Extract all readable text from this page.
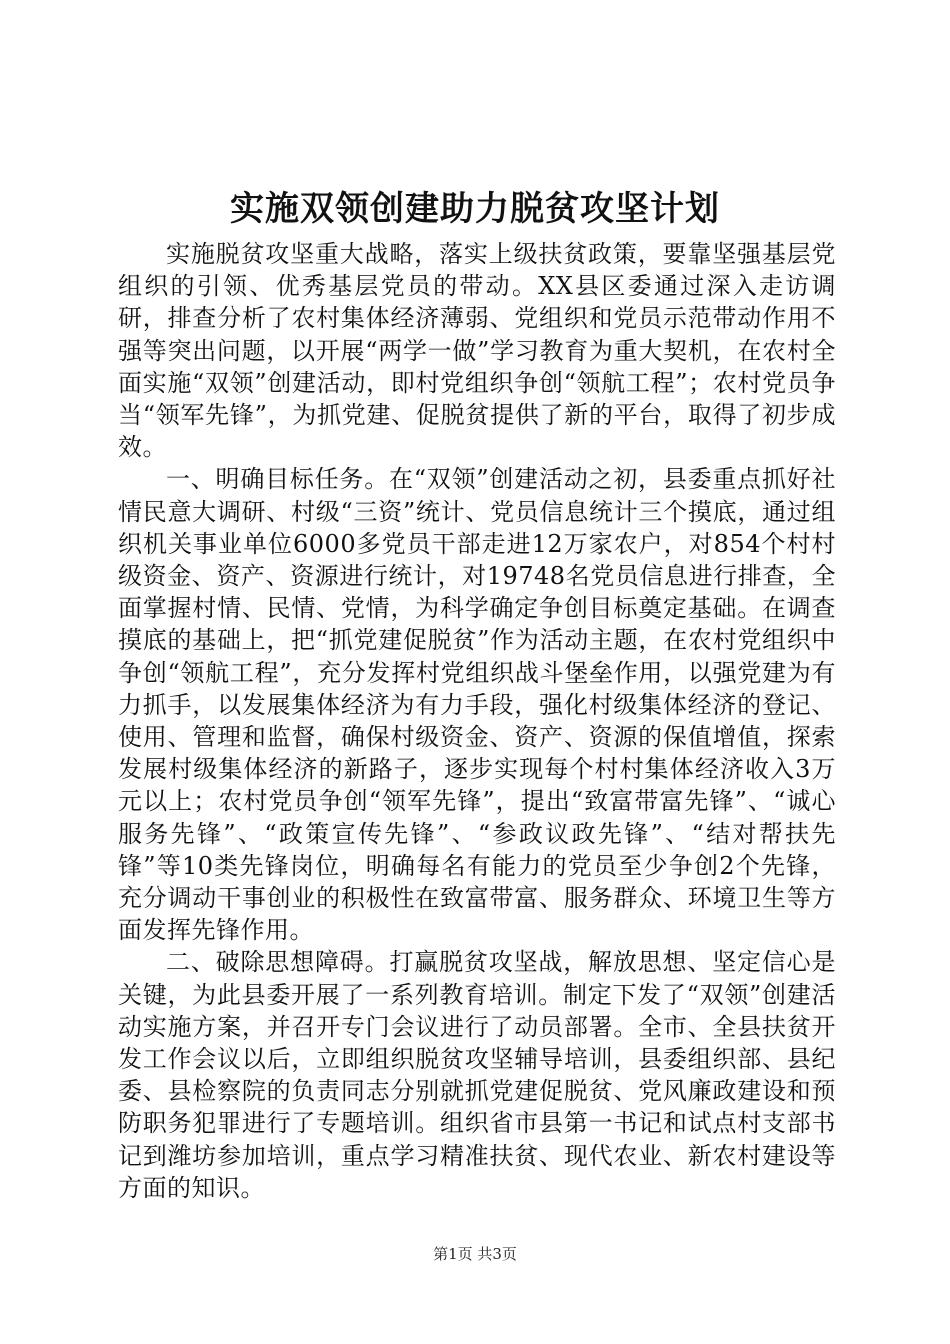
实施双领创建助力脱贫攻坚计划

实施脱贫攻坚重大战略，落实上级扶贫政策，要靠坚强基层党组织的引领、优秀基层党员的带动。XX县区委通过深入走访调研，排查分析了农村集体经济薄弱、党组织和党员示范带动作用不强等突出问题，以开展“两学一做”学习教育为重大契机，在农村全面实施“双领”创建活动，即村党组织争创“领航工程”；农村党员争当“领军先锋”，为抓党建、促脱贫提供了新的平台，取得了初步成效。

一、明确目标任务。在“双领”创建活动之初，县委重点抓好社情民意大调研、村级“三资”统计、党员信息统计三个摸底，通过组织机关事业单位6000多党员干部走进12万家农户，对854个村村级资金、资产、资源进行统计，对19748名党员信息进行排查，全面掌握村情、民情、党情，为科学确定争创目标奠定基础。在调查摸底的基础上，把“抓党建促脱贫”作为活动主题，在农村党组织中争创“领航工程”，充分发挥村党组织战斗堡垒作用，以强党建为有力抓手，以发展集体经济为有力手段，强化村级集体经济的登记、使用、管理和监督，确保村级资金、资产、资源的保值增值，探索发展村级集体经济的新路子，逐步实现每个村村集体经济收入3万元以上；农村党员争创“领军先锋”，提出“致富带富先锋”、“诚心服务先锋”、“政策宣传先锋”、“参政议政先锋”、“结对帮扶先锋”等10类先锋岗位，明确每名有能力的党员至少争创2个先锋，充分调动干事创业的积极性在致富带富、服务群众、环境卫生等方面发挥先锋作用。

二、破除思想障碍。打赢脱贫攻坚战，解放思想、坚定信心是关键，为此县委开展了一系列教育培训。制定下发了“双领”创建活动实施方案，并召开专门会议进行了动员部署。全市、全县扶贫开发工作会议以后，立即组织脱贫攻坚辅导培训，县委组织部、县纪委、县检察院的负责同志分别就抓党建促脱贫、党风廉政建设和预防职务犯罪进行了专题培训。组织省市县第一书记和试点村支部书记到潍坊参加培训，重点学习精准扶贫、现代农业、新农村建设等方面的知识。

第1页 共3页
